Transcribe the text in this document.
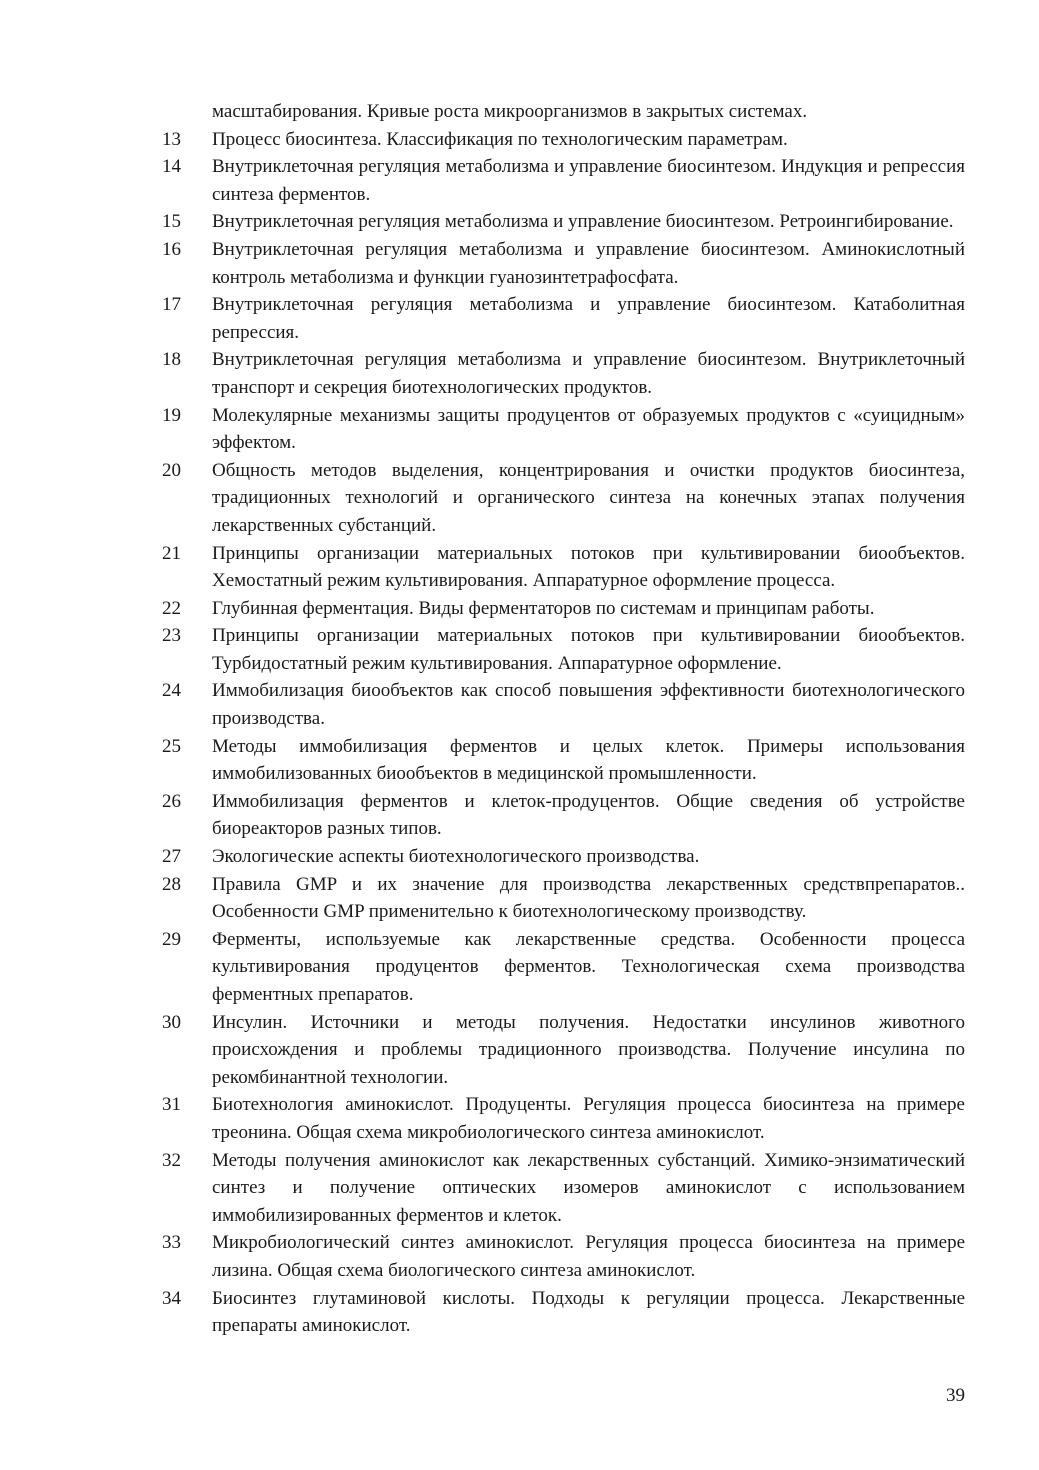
масштабирования. Кривые роста микроорганизмов в закрытых системах.
13	Процесс биосинтеза. Классификация по технологическим параметрам.
14	Внутриклеточная регуляция метаболизма и управление биосинтезом. Индукция и репрессия синтеза ферментов.
15	Внутриклеточная регуляция метаболизма и управление биосинтезом. Ретроингибирование.
16	Внутриклеточная регуляция метаболизма и управление биосинтезом. Аминокислотный контроль метаболизма и функции гуанозинтетрафосфата.
17	Внутриклеточная регуляция метаболизма и управление биосинтезом. Катаболитная репрессия.
18	Внутриклеточная регуляция метаболизма и управление биосинтезом. Внутриклеточный транспорт и секреция биотехнологических продуктов.
19	Молекулярные механизмы защиты продуцентов от образуемых продуктов с «суицидным» эффектом.
20	Общность методов выделения, концентрирования и очистки продуктов биосинтеза, традиционных технологий и органического синтеза на конечных этапах получения лекарственных субстанций.
21	Принципы организации материальных потоков при культивировании биообъектов. Хемостатный режим культивирования. Аппаратурное оформление процесса.
22	Глубинная ферментация. Виды ферментаторов по системам и принципам работы.
23	Принципы организации материальных потоков при культивировании биообъектов. Турбидостатный режим культивирования. Аппаратурное оформление.
24	Иммобилизация биообъектов как способ повышения эффективности биотехнологического производства.
25	Методы иммобилизация ферментов и целых клеток. Примеры использования иммобилизованных биообъектов в медицинской промышленности.
26	Иммобилизация ферментов и клеток-продуцентов. Общие сведения об устройстве биореакторов разных типов.
27	Экологические аспекты биотехнологического производства.
28	Правила GMP и их значение для производства лекарственных средствпрепаратов.. Особенности GMP применительно к биотехнологическому производству.
29	Ферменты, используемые как лекарственные средства. Особенности процесса культивирования продуцентов ферментов. Технологическая схема производства ферментных препаратов.
30	Инсулин. Источники и методы получения. Недостатки инсулинов животного происхождения и проблемы традиционного производства. Получение инсулина по рекомбинантной технологии.
31	Биотехнология аминокислот. Продуценты. Регуляция процесса биосинтеза на примере треонина. Общая схема микробиологического синтеза аминокислот.
32	Методы получения аминокислот как лекарственных субстанций. Химико-энзиматический синтез и получение оптических изомеров аминокислот с использованием иммобилизированных ферментов и клеток.
33	Микробиологический синтез аминокислот. Регуляция процесса биосинтеза на примере лизина. Общая схема биологического синтеза аминокислот.
34	Биосинтез глутаминовой кислоты. Подходы к регуляции процесса. Лекарственные препараты аминокислот.
39
